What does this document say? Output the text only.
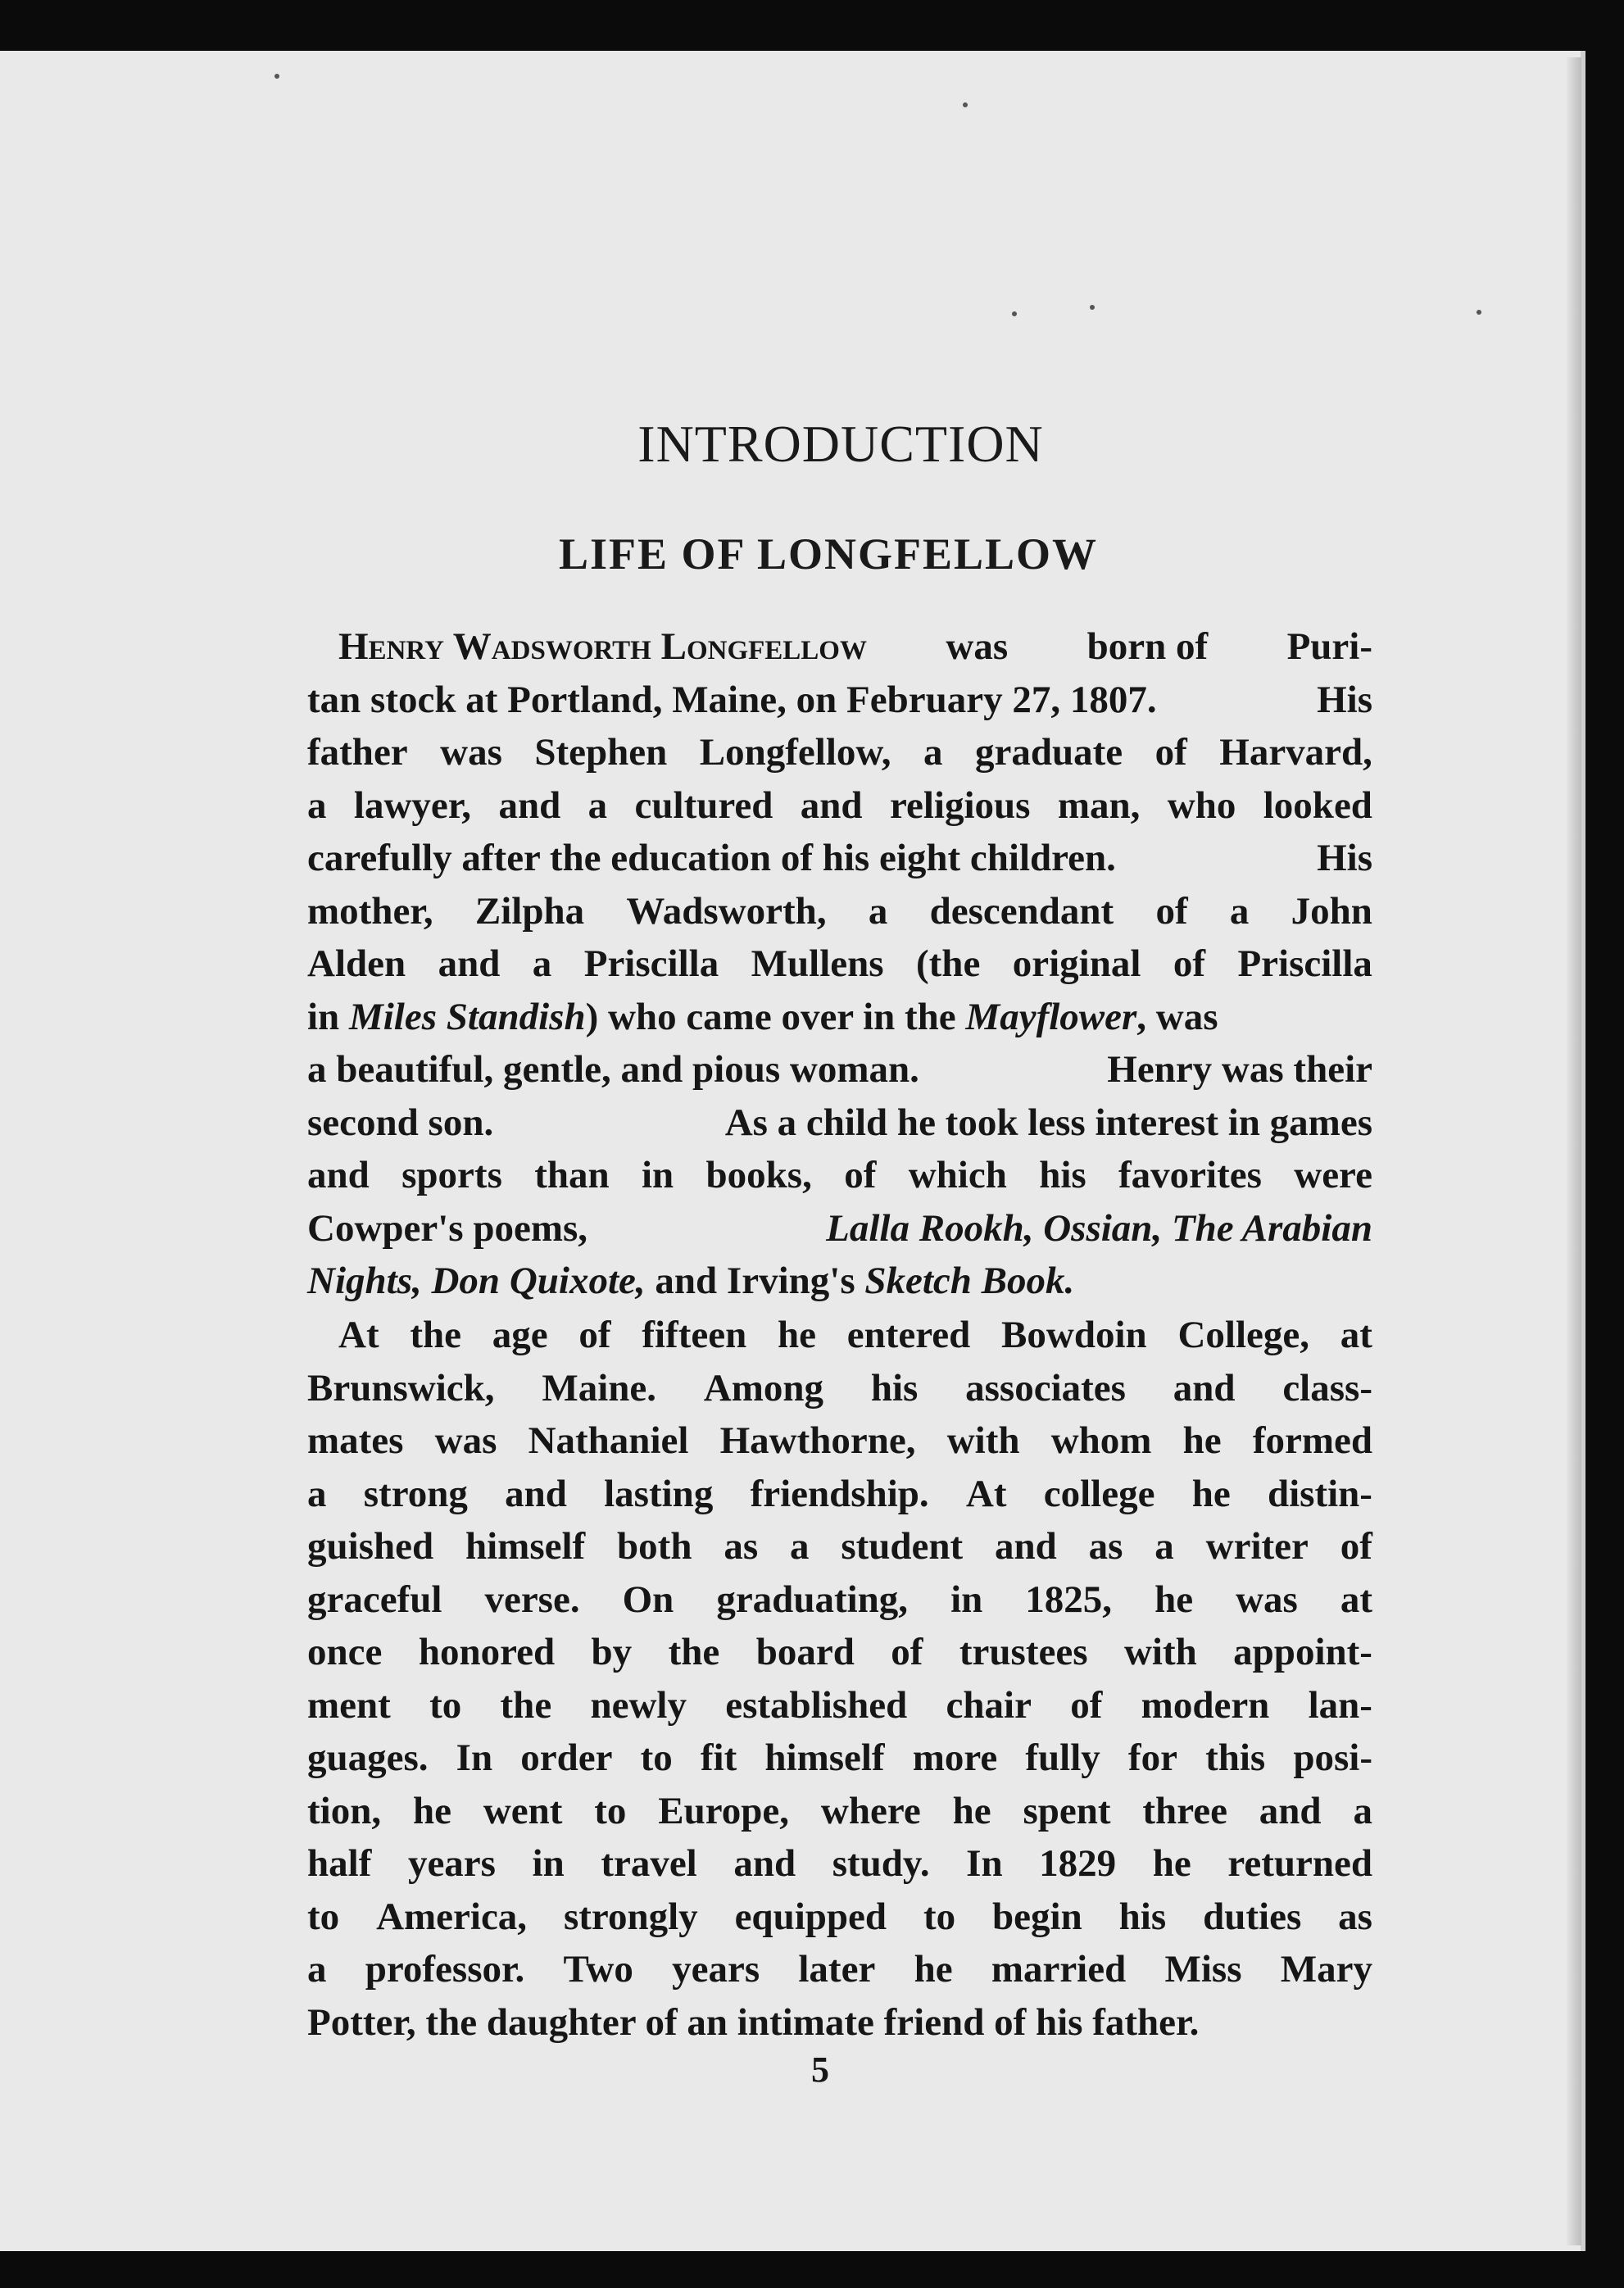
INTRODUCTION
LIFE OF LONGFELLOW
Henry Wadsworth Longfellow was born of Puri-
tan stock at Portland, Maine, on February 27, 1807.	His
father was Stephen Longfellow, a graduate of Harvard,
a lawyer, and a cultured and religious man, who looked
carefully after the education of his eight children.	His
mother, Zilpha Wadsworth, a descendant of a John
Alden and a Priscilla Mullens (the original of Priscilla
in Miles Standish) who came over in the Mayflower, was
a beautiful, gentle, and pious woman.	Henry was their
second son.	As a child he took less interest in games
and sports than in books, of which his favorites were
Cowper's poems,	Lalla Rookh, Ossian, The Arabian
Nights, Don Quixote,
and Irving's
Sketch Book.
At the age of fifteen he entered Bowdoin College, at
Brunswick, Maine. Among his associates and class-
mates was Nathaniel Hawthorne, with whom he formed
a strong and lasting friendship. At college he distin-
guished himself both as a student and as a writer of
graceful verse. On graduating, in 1825, he was at
once honored by the board of trustees with appoint-
ment to the newly established chair of modern lan-
guages. In order to fit himself more fully for this posi-
tion, he went to Europe, where he spent three and a
half years in travel and study. In 1829 he returned
to America, strongly equipped to begin his duties as
a professor. Two years later he married Miss Mary
Potter, the daughter of an intimate friend of his father.
5
